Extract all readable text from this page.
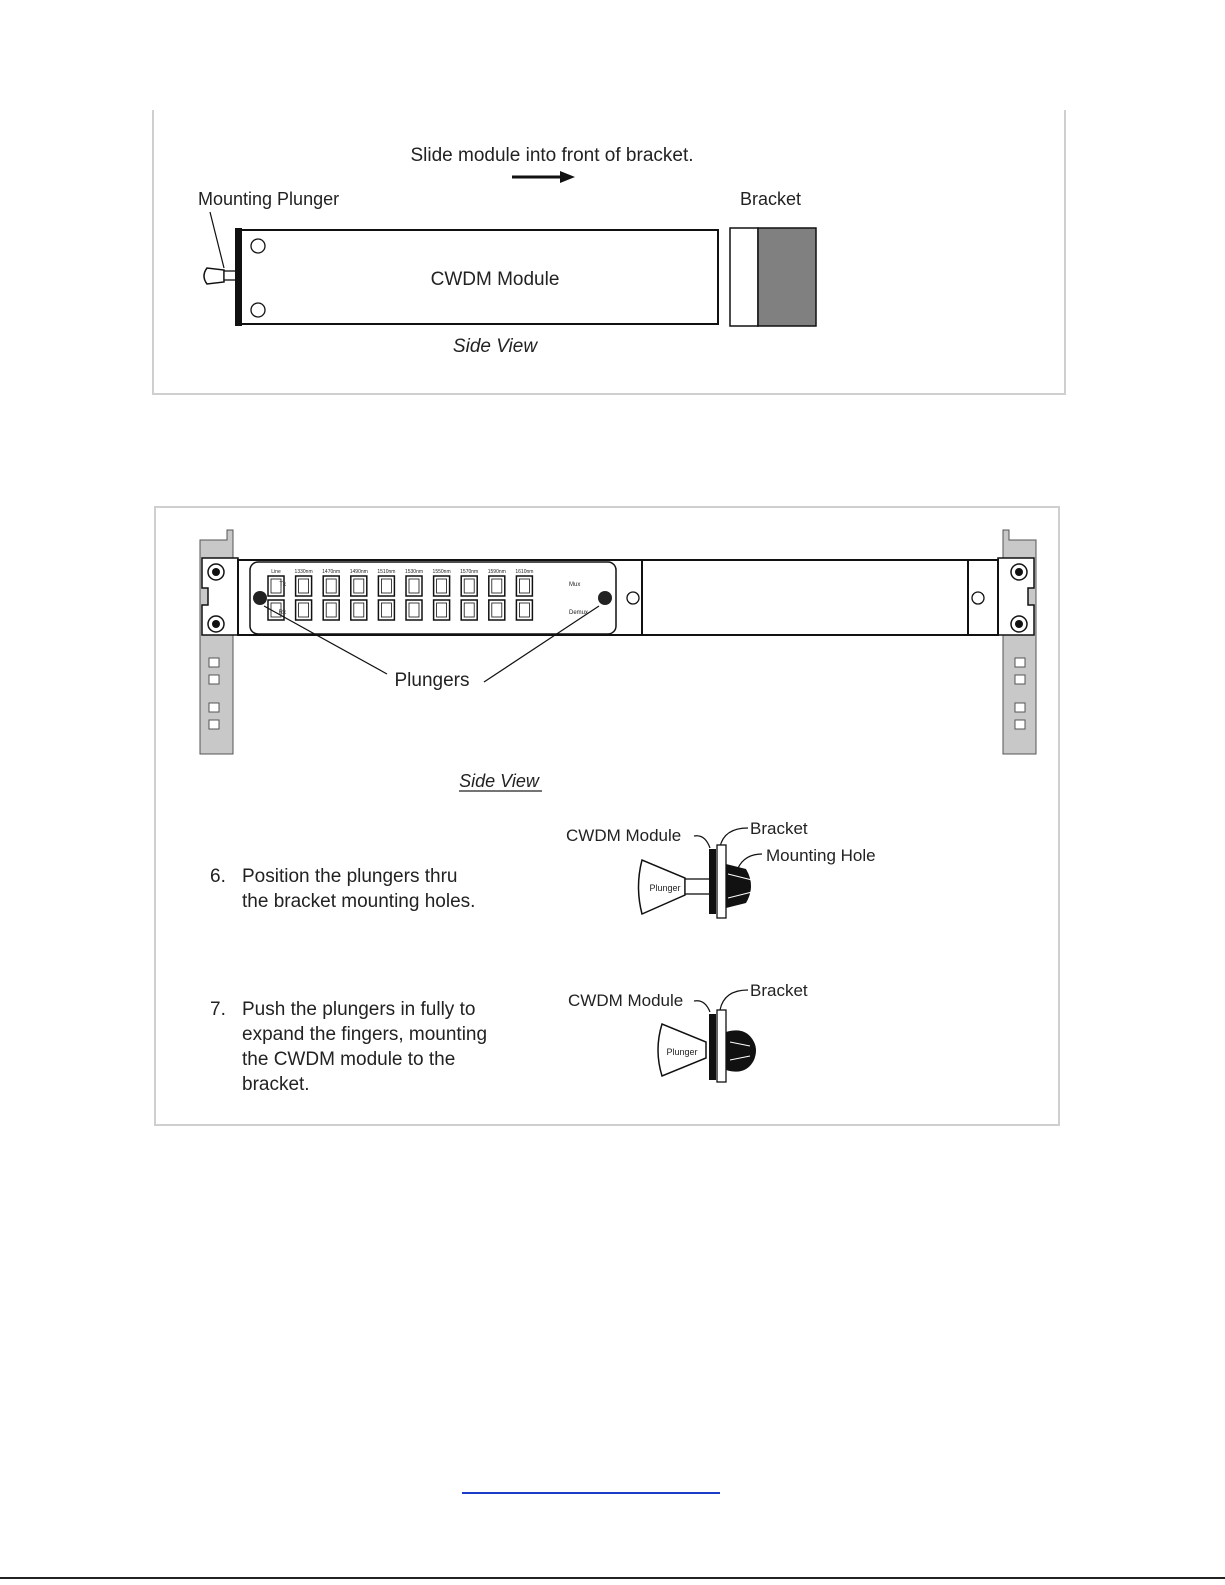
Slide module into front of bracket.
Mounting Plunger	Bracket
CWDM Module
Side View
Line	1330nm 1470nm 1490nm 1510nm 1530nm 1550nm 1570nm 1590nm 1610nm
Tx
Rx
Mux
Demux
Plungers
Side View
CWDM Module	Bracket
Mounting Hole
Plunger
CWDM Module
Bracket
Plunger
6. Position the plungers thru the bracket mounting holes.
7. Push the plungers in fully to expand the fingers, mounting the CWDM module to the bracket.
